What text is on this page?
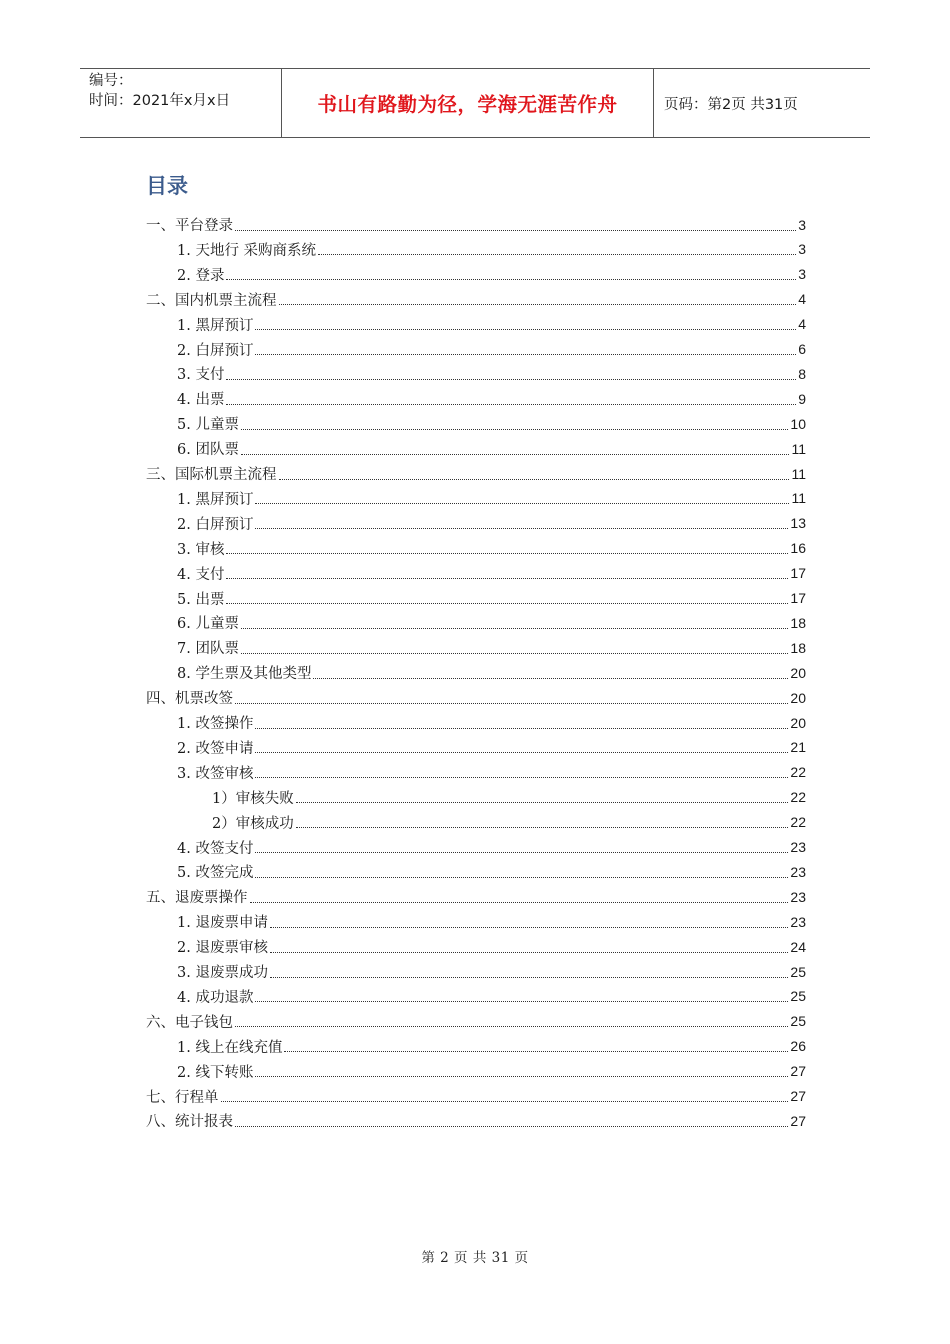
编号：
时间：2021年x月x日	书山有路勤为径，学海无涯苦作舟	页码：第2页 共31页
目录
一、平台登录	3
1. 天地行 采购商系统	3
2. 登录	3
二、国内机票主流程	4
1. 黑屏预订	4
2. 白屏预订	6
3. 支付	8
4. 出票	9
5. 儿童票	10
6. 团队票	11
三、国际机票主流程	11
1. 黑屏预订	11
2. 白屏预订	13
3. 审核	16
4. 支付	17
5. 出票	17
6. 儿童票	18
7. 团队票	18
8. 学生票及其他类型	20
四、机票改签	20
1. 改签操作	20
2. 改签申请	21
3. 改签审核	22
1）审核失败	22
2）审核成功	22
4. 改签支付	23
5. 改签完成	23
五、退废票操作	23
1. 退废票申请	23
2. 退废票审核	24
3. 退废票成功	25
4. 成功退款	25
六、电子钱包	25
1. 线上在线充值	26
2. 线下转账	27
七、行程单	27
八、统计报表	27
第 2 页 共 31 页
